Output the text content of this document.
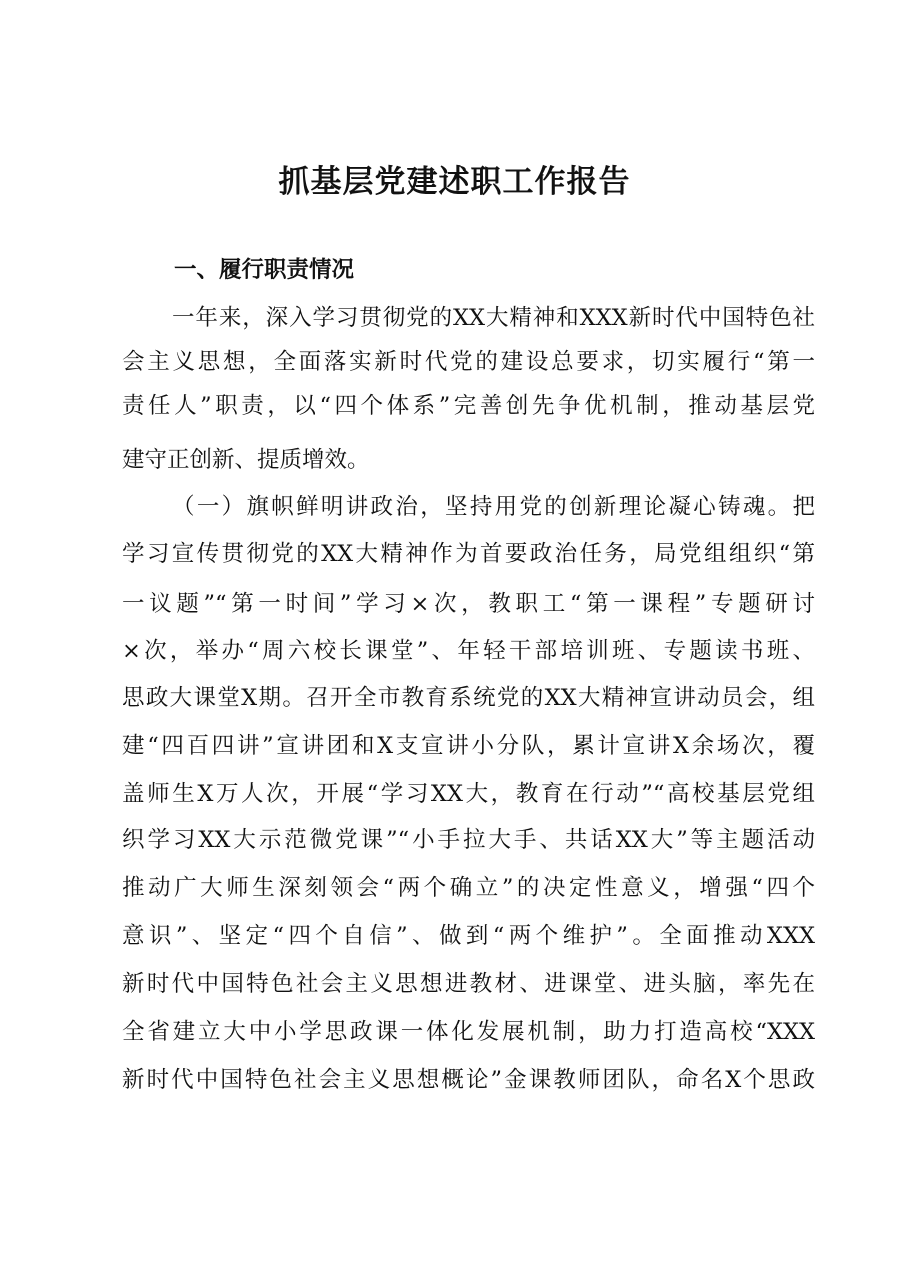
抓基层党建述职工作报告
一、履行职责情况
一年来，深入学习贯彻党的XX大精神和XXX新时代中国特色社
会主义思想，全面落实新时代党的建设总要求，切实履行“第一
责任人”职责，以“四个体系”完善创先争优机制，推动基层党
建守正创新、提质增效。
（一）旗帜鲜明讲政治，坚持用党的创新理论凝心铸魂。把
学习宣传贯彻党的XX大精神作为首要政治任务，局党组组织“第
一议题”“第一时间”学习×次，教职工“第一课程”专题研讨
×次，举办“周六校长课堂”、年轻干部培训班、专题读书班、
思政大课堂X期。召开全市教育系统党的XX大精神宣讲动员会，组
建“四百四讲”宣讲团和X支宣讲小分队，累计宣讲X余场次，覆
盖师生X万人次，开展“学习XX大，教育在行动”“高校基层党组
织学习XX大示范微党课”“小手拉大手、共话XX大”等主题活动
推动广大师生深刻领会“两个确立”的决定性意义，增强“四个
意识”、坚定“四个自信”、做到“两个维护”。全面推动XXX
新时代中国特色社会主义思想进教材、进课堂、进头脑，率先在
全省建立大中小学思政课一体化发展机制，助力打造高校“XXX
新时代中国特色社会主义思想概论”金课教师团队，命名X个思政
